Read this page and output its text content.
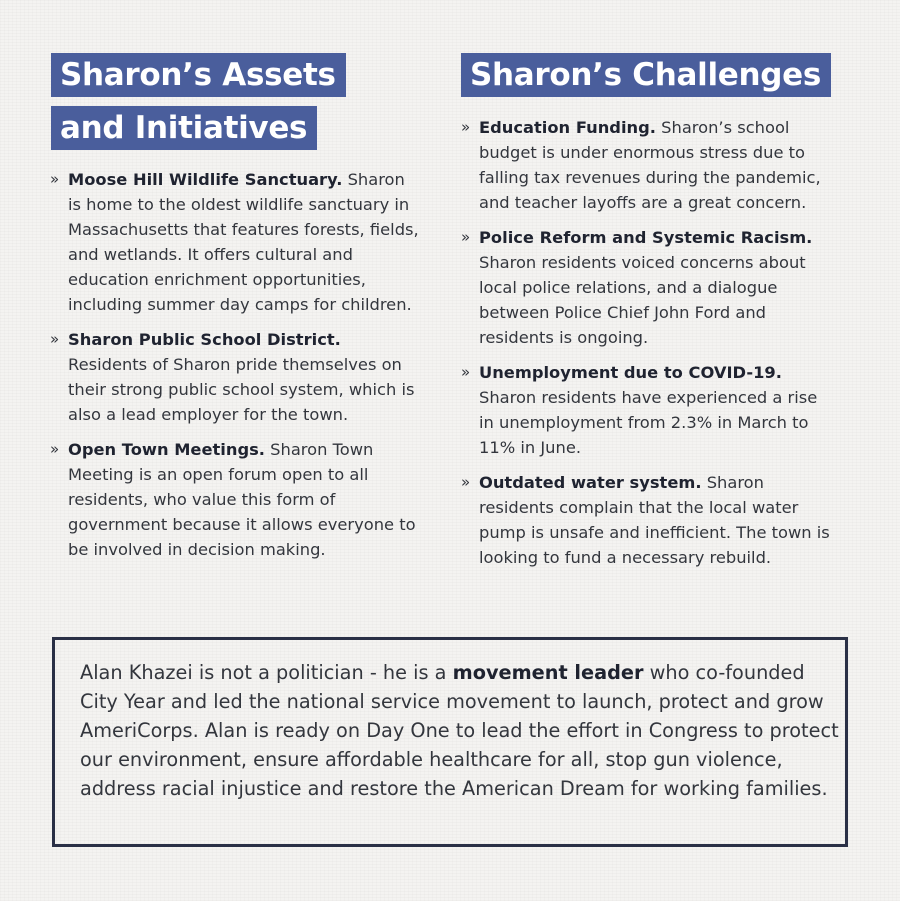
Sharon’s Assets
and Initiatives
Sharon’s Challenges
» Moose Hill Wildlife Sanctuary. Sharon is home to the oldest wildlife sanctuary in Massachusetts that features forests, fields, and wetlands. It offers cultural and education enrichment opportunities, including summer day camps for children.
» Sharon Public School District. Residents of Sharon pride themselves on their strong public school system, which is also a lead employer for the town.
» Open Town Meetings. Sharon Town Meeting is an open forum open to all residents, who value this form of government because it allows everyone to be involved in decision making.
» Education Funding. Sharon’s school budget is under enormous stress due to falling tax revenues during the pandemic, and teacher layoffs are a great concern.
» Police Reform and Systemic Racism. Sharon residents voiced concerns about local police relations, and a dialogue between Police Chief John Ford and residents is ongoing.
» Unemployment due to COVID-19. Sharon residents have experienced a rise in unemployment from 2.3% in March to 11% in June.
» Outdated water system. Sharon residents complain that the local water pump is unsafe and inefficient. The town is looking to fund a necessary rebuild.

Alan Khazei is not a politician - he is a movement leader who co-founded City Year and led the national service movement to launch, protect and grow AmeriCorps. Alan is ready on Day One to lead the effort in Congress to protect our environment, ensure affordable healthcare for all, stop gun violence, address racial injustice and restore the American Dream for working families.
